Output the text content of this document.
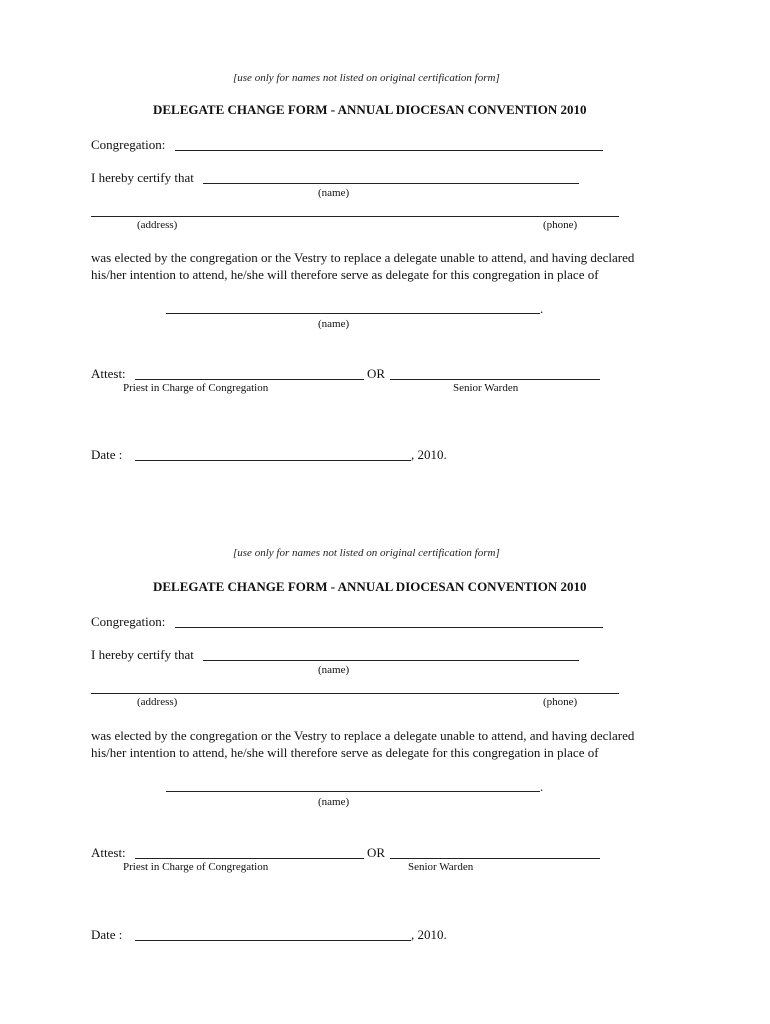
[use only for names not listed on original certification form]
DELEGATE CHANGE FORM - ANNUAL DIOCESAN CONVENTION 2010
Congregation:
I hereby certify that
(name)
(address)	(phone)
was elected by the congregation or the Vestry to replace a delegate unable to attend, and having declared
his/her intention to attend, he/she will therefore serve as delegate for this congregation in place of
.
(name)
Attest:	OR
Priest in Charge of Congregation	Senior Warden
Date :	, 2010.
[use only for names not listed on original certification form]
DELEGATE CHANGE FORM - ANNUAL DIOCESAN CONVENTION 2010
Congregation:
I hereby certify that
(name)
(address)	(phone)
was elected by the congregation or the Vestry to replace a delegate unable to attend, and having declared
his/her intention to attend, he/she will therefore serve as delegate for this congregation in place of
.
(name)
Attest:	OR
Priest in Charge of Congregation	Senior Warden
Date :	, 2010.
